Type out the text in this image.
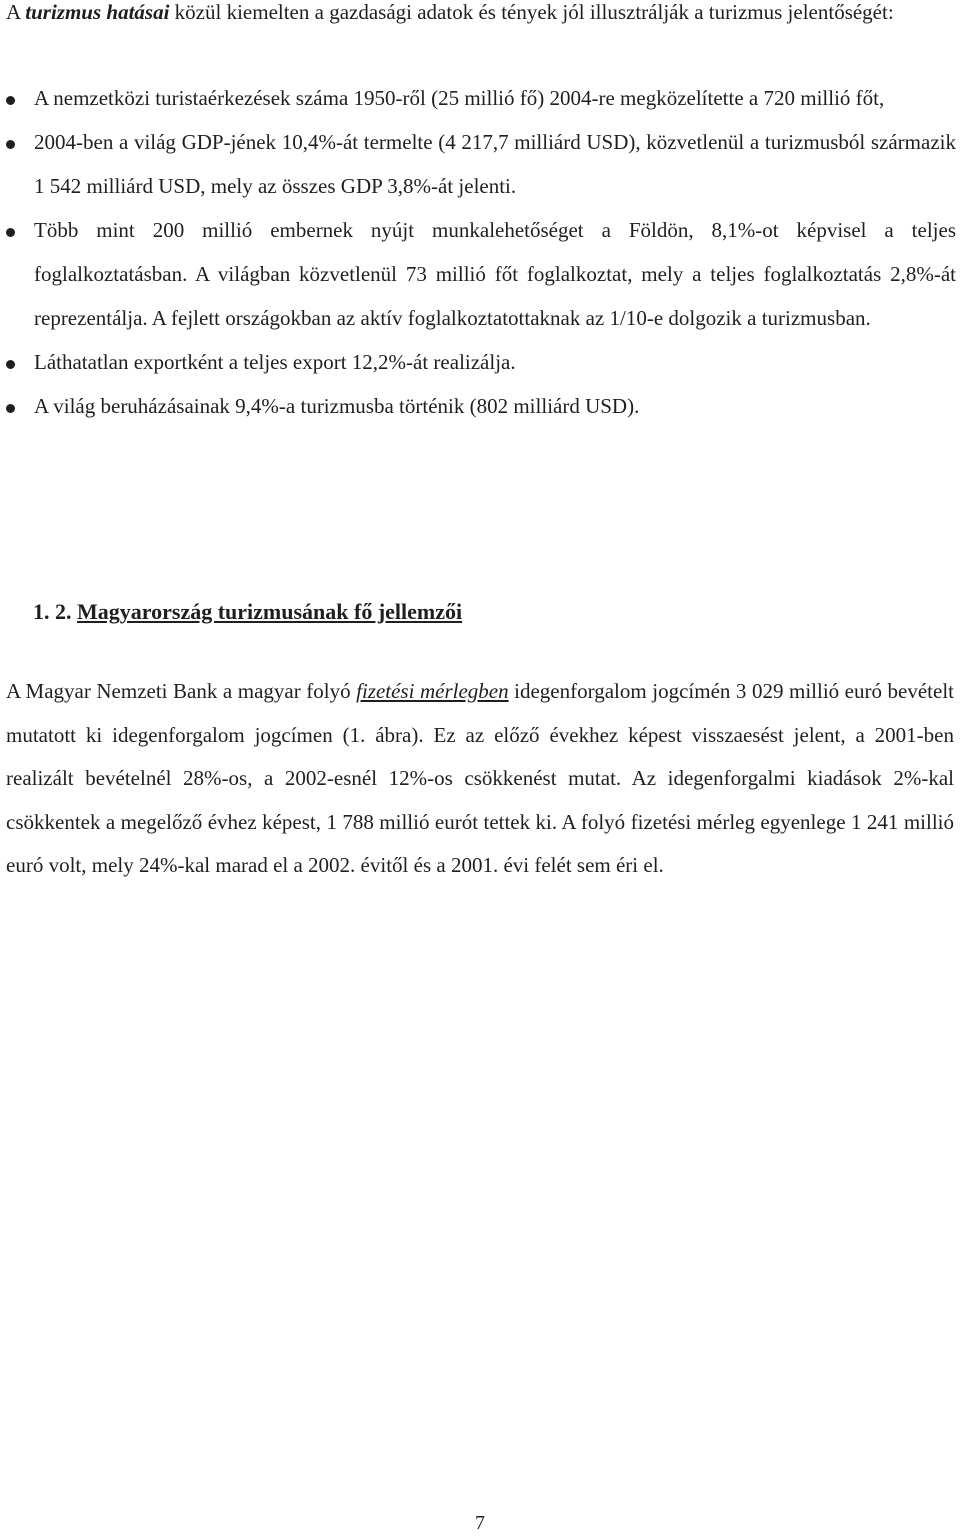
A turizmus hatásai közül kiemelten a gazdasági adatok és tények jól illusztrálják a turizmus jelentőségét:

A nemzetközi turistaérkezések száma 1950-ről (25 millió fő) 2004-re megközelítette a 720 millió főt,
2004-ben a világ GDP-jének 10,4%-át termelte (4 217,7 milliárd USD), közvetlenül a turizmusból származik 1 542 milliárd USD, mely az összes GDP 3,8%-át jelenti.
Több mint 200 millió embernek nyújt munkalehetőséget a Földön, 8,1%-ot képvisel a teljes foglalkoztatásban. A világban közvetlenül 73 millió főt foglalkoztat, mely a teljes foglalkoztatás 2,8%-át reprezentálja. A fejlett országokban az aktív foglalkoztatottaknak az 1/10-e dolgozik a turizmusban.
Láthatatlan exportként a teljes export 12,2%-át realizálja.
A világ beruházásainak 9,4%-a turizmusba történik (802 milliárd USD).
1. 2. Magyarország turizmusának fő jellemzői

A Magyar Nemzeti Bank a magyar folyó fizetési mérlegben idegenforgalom jogcímén 3 029 millió euró bevételt mutatott ki idegenforgalom jogcímen (1. ábra). Ez az előző évekhez képest visszaesést jelent, a 2001-ben realizált bevételnél 28%-os, a 2002-esnél 12%-os csökkenést mutat. Az idegenforgalmi kiadások 2%-kal csökkentek a megelőző évhez képest, 1 788 millió eurót tettek ki. A folyó fizetési mérleg egyenlege 1 241 millió euró volt, mely 24%-kal marad el a 2002. évitől és a 2001. évi felét sem éri el.

7
